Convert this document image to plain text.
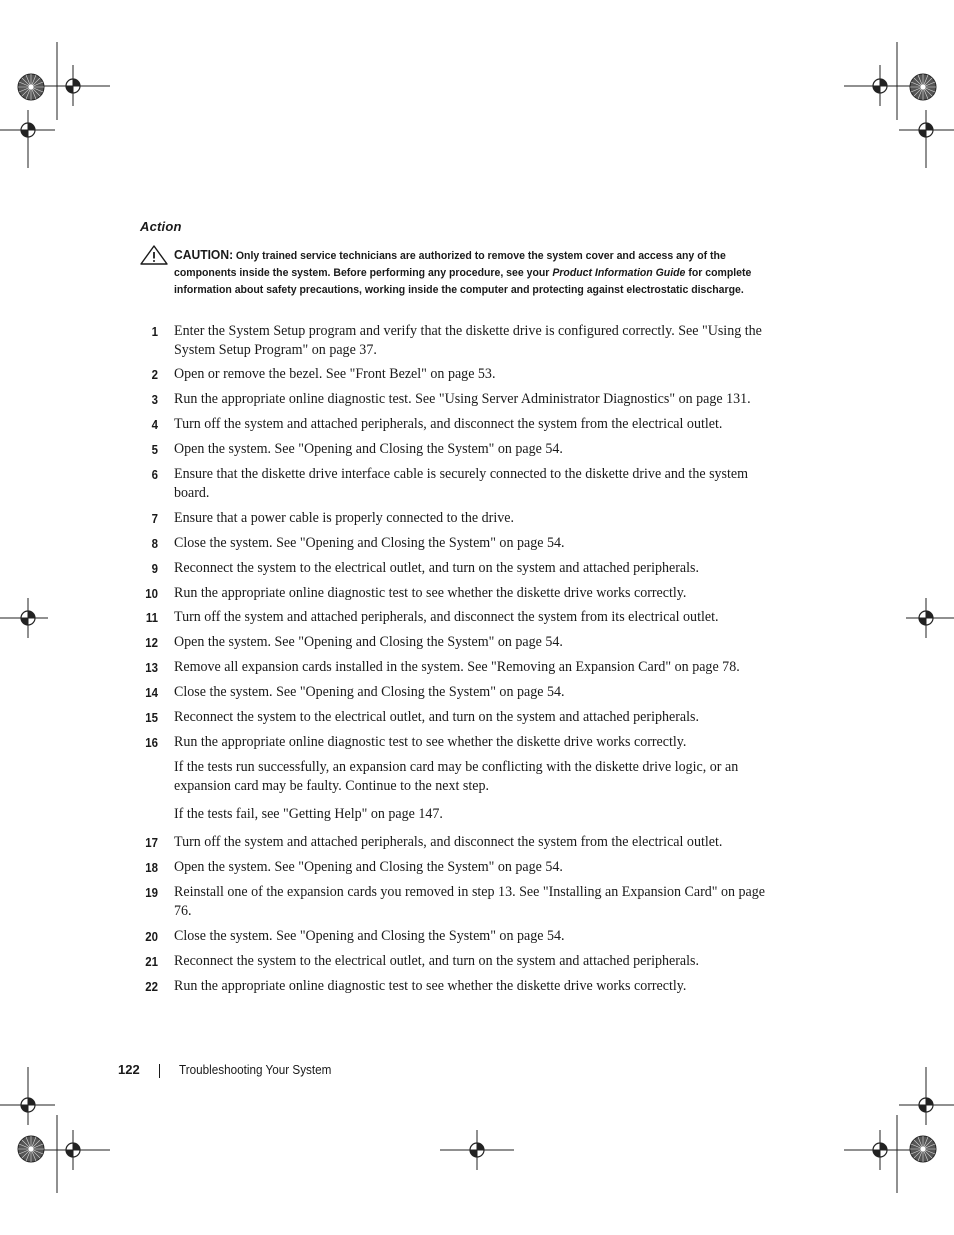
Action
CAUTION: Only trained service technicians are authorized to remove the system cover and access any of the components inside the system. Before performing any procedure, see your Product Information Guide for complete information about safety precautions, working inside the computer and protecting against electrostatic discharge.
1 Enter the System Setup program and verify that the diskette drive is configured correctly. See "Using the System Setup Program" on page 37.
2 Open or remove the bezel. See "Front Bezel" on page 53.
3 Run the appropriate online diagnostic test. See "Using Server Administrator Diagnostics" on page 131.
4 Turn off the system and attached peripherals, and disconnect the system from the electrical outlet.
5 Open the system. See "Opening and Closing the System" on page 54.
6 Ensure that the diskette drive interface cable is securely connected to the diskette drive and the system board.
7 Ensure that a power cable is properly connected to the drive.
8 Close the system. See "Opening and Closing the System" on page 54.
9 Reconnect the system to the electrical outlet, and turn on the system and attached peripherals.
10 Run the appropriate online diagnostic test to see whether the diskette drive works correctly.
11 Turn off the system and attached peripherals, and disconnect the system from its electrical outlet.
12 Open the system. See "Opening and Closing the System" on page 54.
13 Remove all expansion cards installed in the system. See "Removing an Expansion Card" on page 78.
14 Close the system. See "Opening and Closing the System" on page 54.
15 Reconnect the system to the electrical outlet, and turn on the system and attached peripherals.
16 Run the appropriate online diagnostic test to see whether the diskette drive works correctly.
If the tests run successfully, an expansion card may be conflicting with the diskette drive logic, or an expansion card may be faulty. Continue to the next step.
If the tests fail, see "Getting Help" on page 147.
17 Turn off the system and attached peripherals, and disconnect the system from the electrical outlet.
18 Open the system. See "Opening and Closing the System" on page 54.
19 Reinstall one of the expansion cards you removed in step 13. See "Installing an Expansion Card" on page 76.
20 Close the system. See "Opening and Closing the System" on page 54.
21 Reconnect the system to the electrical outlet, and turn on the system and attached peripherals.
22 Run the appropriate online diagnostic test to see whether the diskette drive works correctly.
122	Troubleshooting Your System
